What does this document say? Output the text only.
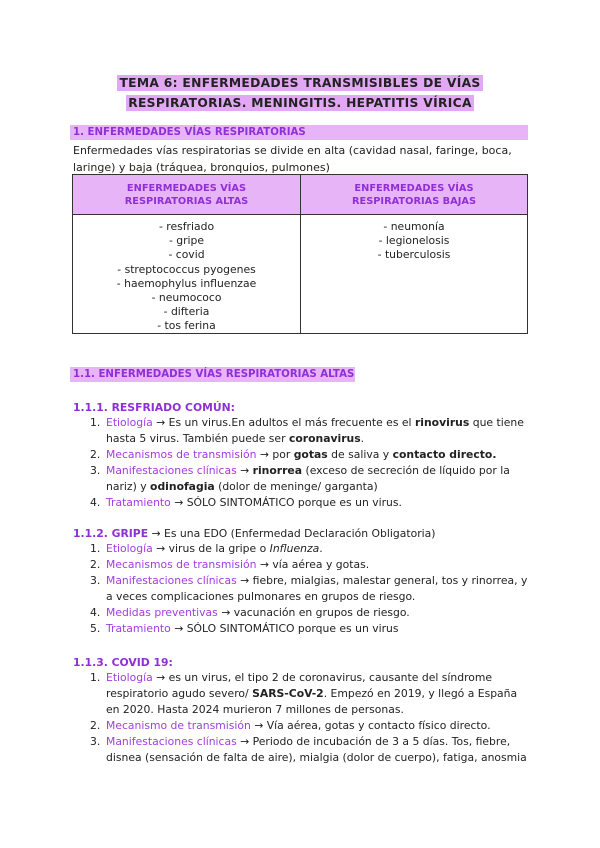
TEMA 6: ENFERMEDADES TRANSMISIBLES DE VÍAS
RESPIRATORIAS. MENINGITIS. HEPATITIS VÍRICA
1. ENFERMEDADES VÍAS RESPIRATORIAS
Enfermedades vías respiratorias se divide en alta (cavidad nasal, faringe, boca,
laringe) y baja (tráquea, bronquios, pulmones)
ENFERMEDADES VÍAS
RESPIRATORIAS ALTAS
ENFERMEDADES VÍAS
RESPIRATORIAS BAJAS
- resfriado
- gripe
- covid
- streptococcus pyogenes
- haemophylus influenzae
- neumococo
- difteria
- tos ferina
- neumonía
- legionelosis
- tuberculosis
1.1. ENFERMEDADES VÍAS RESPIRATORIAS ALTAS
1.1.1. RESFRIADO COMÚN:
1. Etiología → Es un virus.En adultos el más frecuente es el rinovirus que tiene hasta 5 virus. También puede ser coronavirus.
2. Mecanismos de transmisión → por gotas de saliva y contacto directo.
3. Manifestaciones clínicas → rinorrea (exceso de secreción de líquido por la nariz) y odinofagia (dolor de meninge/ garganta)
4. Tratamiento → SÓLO SINTOMÁTICO porque es un virus.
1.1.2. GRIPE → Es una EDO (Enfermedad Declaración Obligatoria)
1. Etiología → virus de la gripe o Influenza.
2. Mecanismos de transmisión → vía aérea y gotas.
3. Manifestaciones clínicas → fiebre, mialgias, malestar general, tos y rinorrea, y a veces complicaciones pulmonares en grupos de riesgo.
4. Medidas preventivas → vacunación en grupos de riesgo.
5. Tratamiento → SÓLO SINTOMÁTICO porque es un virus
1.1.3. COVID 19:
1. Etiología → es un virus, el tipo 2 de coronavirus, causante del síndrome respiratorio agudo severo/ SARS-CoV-2. Empezó en 2019, y llegó a España en 2020. Hasta 2024 murieron 7 millones de personas.
2. Mecanismo de transmisión → Vía aérea, gotas y contacto físico directo.
3. Manifestaciones clínicas → Periodo de incubación de 3 a 5 días. Tos, fiebre, disnea (sensación de falta de aire), mialgia (dolor de cuerpo), fatiga, anosmia
